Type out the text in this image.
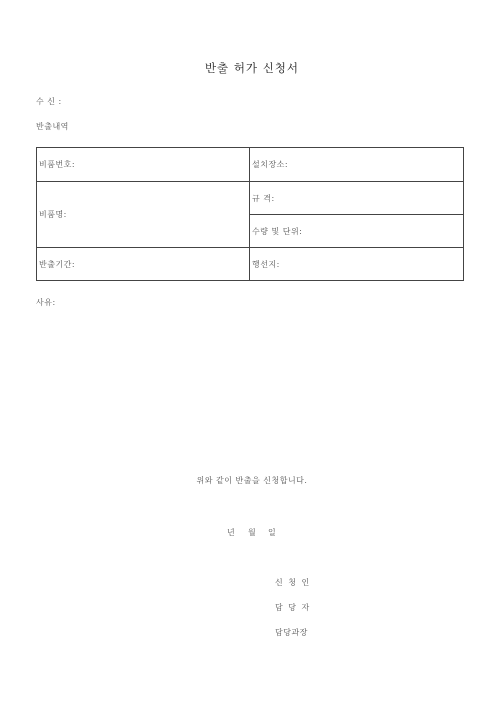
반출 허가 신청서
수 신 :
반출내역
비품번호:	설치장소:
비품명:	규 격:
	수량 및 단위:
반출기간:	행선지:
사유:
위와 같이 반출을 신청합니다.
년 월 일
신 청 인
담 당 자
담당과장
